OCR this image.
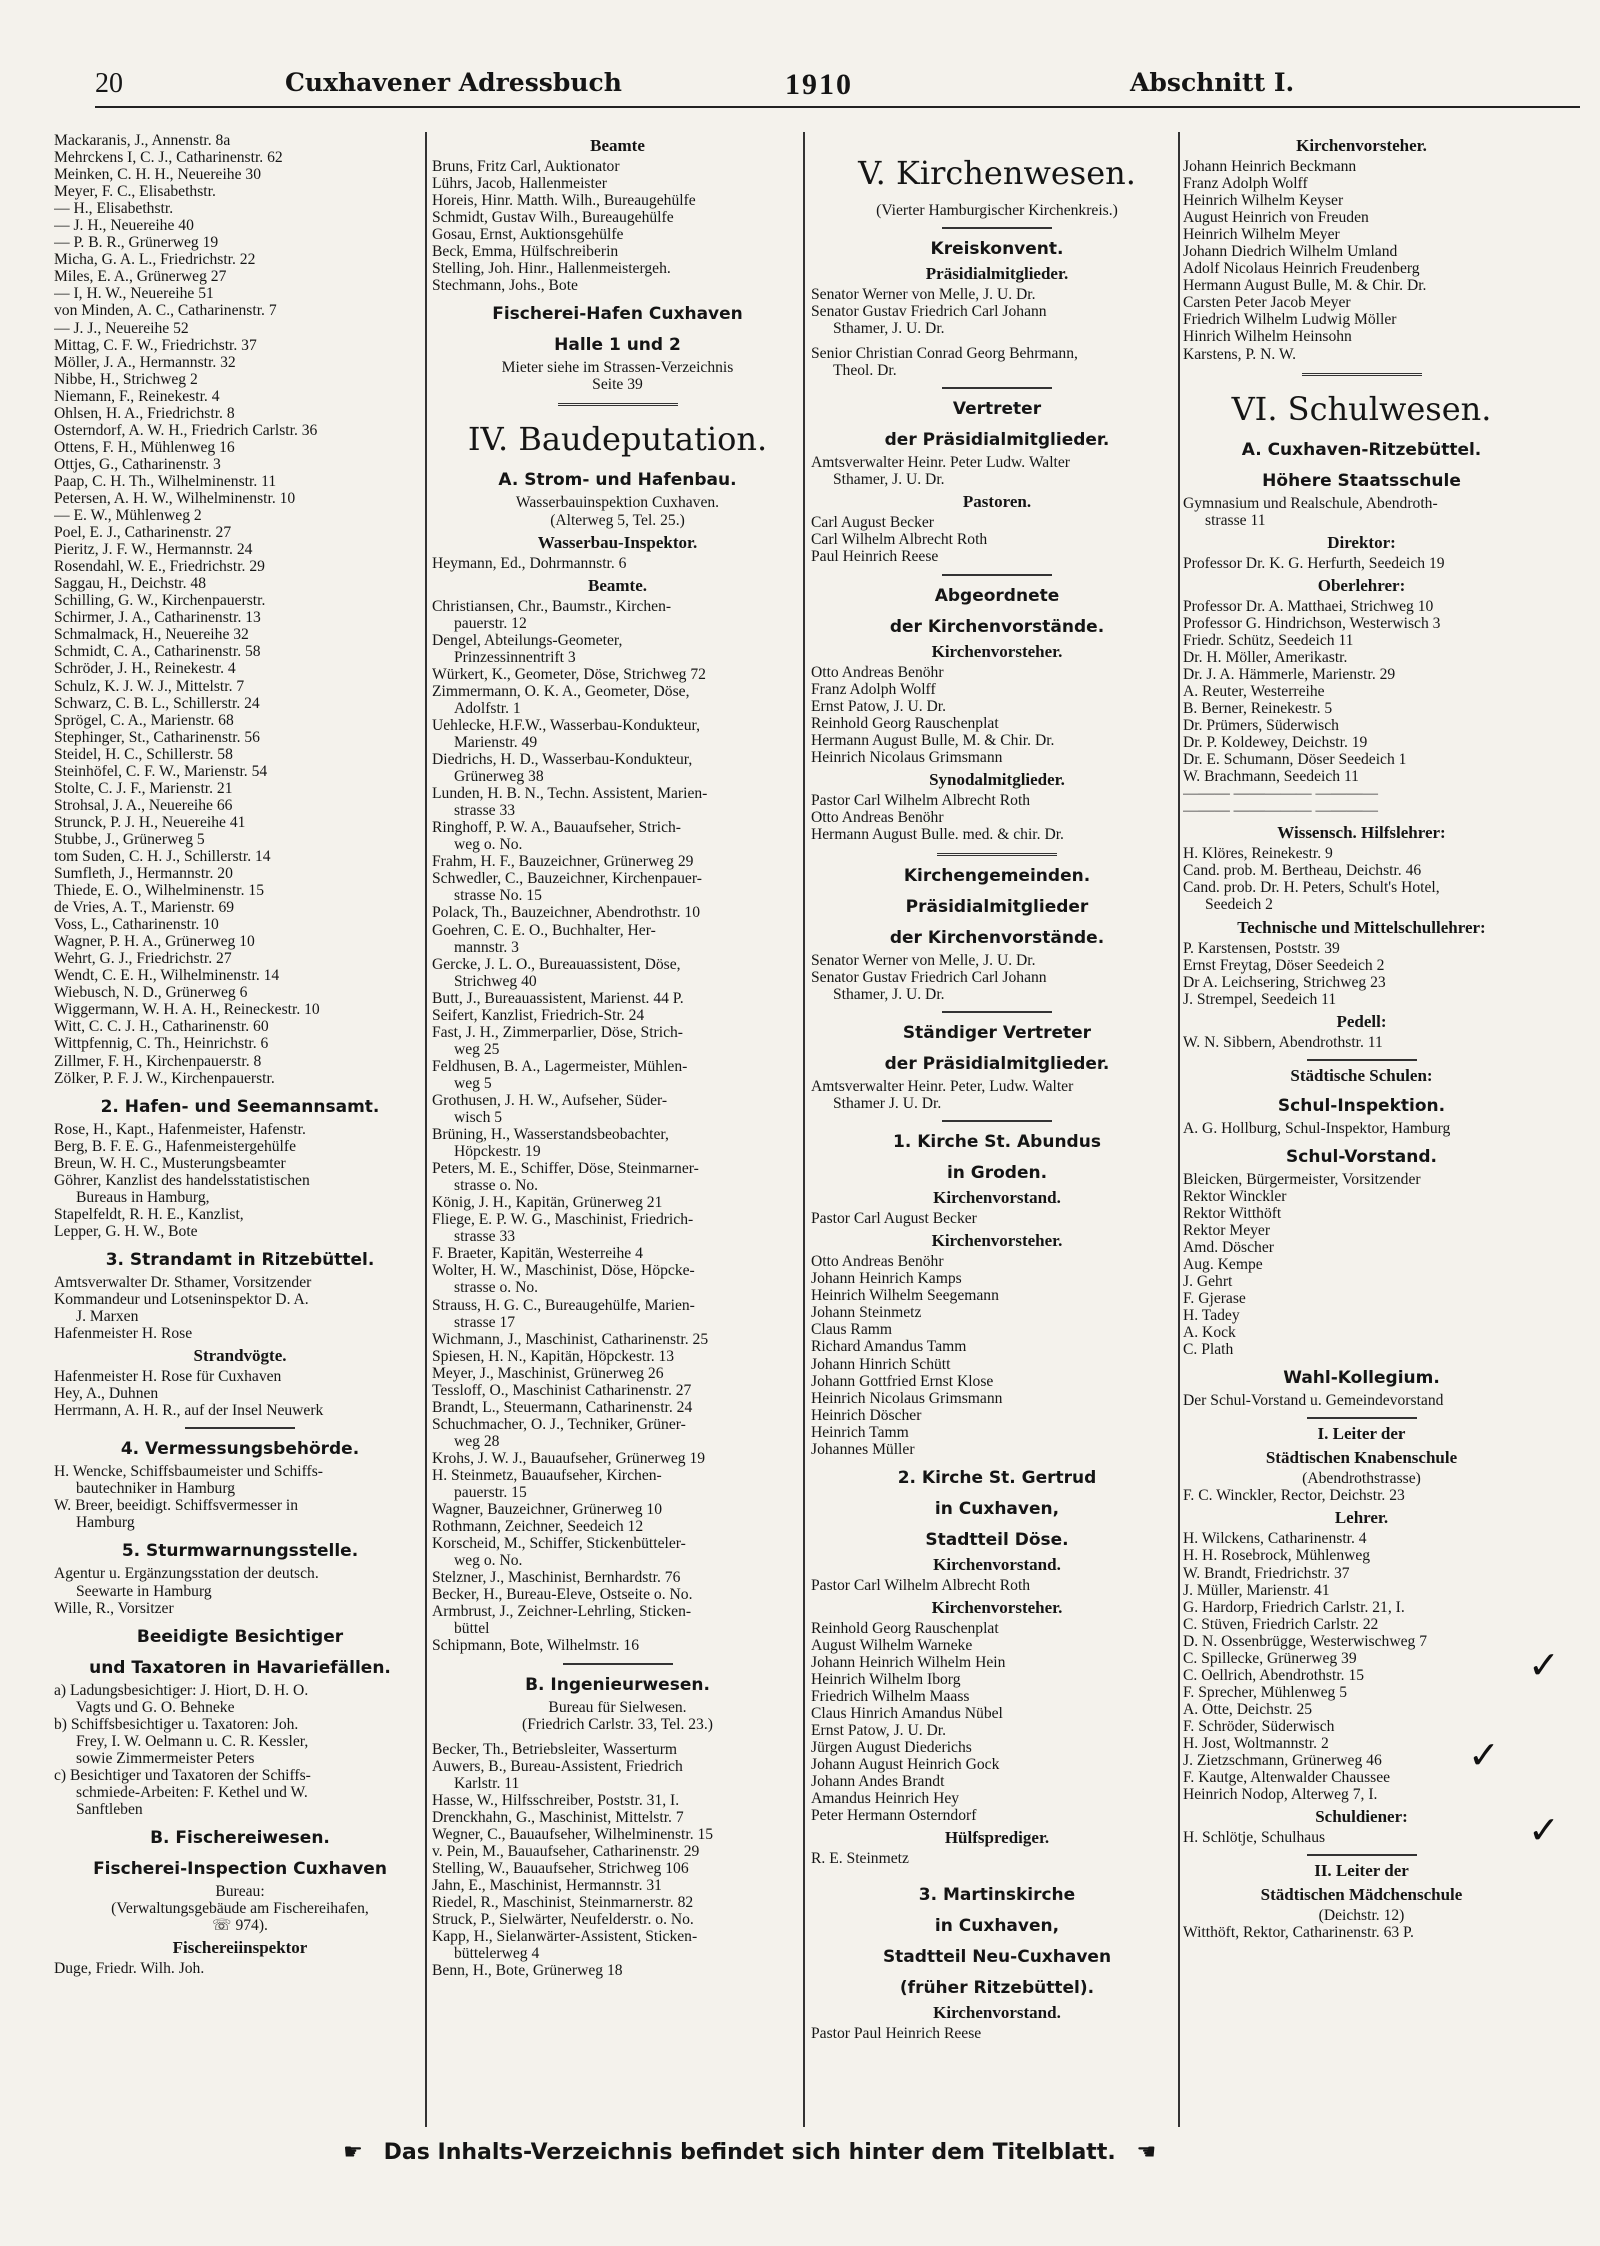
20	Cuxhavener Adressbuch	1910	Abschnitt I.
Mackaranis, J., Annenstr. 8a
Mehrckens I, C. J., Catharinenstr. 62
Meinken, C. H. H., Neuereihe 30
Meyer, F. C., Elisabethstr.
— H., Elisabethstr.
— J. H., Neuereihe 40
— P. B. R., Grünerweg 19
Micha, G. A. L., Friedrichstr. 22
Miles, E. A., Grünerweg 27
— I, H. W., Neuereihe 51
von Minden, A. C., Catharinenstr. 7
— J. J., Neuereihe 52
Mittag, C. F. W., Friedrichstr. 37
Möller, J. A., Hermannstr. 32
Nibbe, H., Strichweg 2
Niemann, F., Reinekestr. 4
Ohlsen, H. A., Friedrichstr. 8
Osterndorf, A. W. H., Friedrich Carlstr. 36
Ottens, F. H., Mühlenweg 16
Ottjes, G., Catharinenstr. 3
Paap, C. H. Th., Wilhelminenstr. 11
Petersen, A. H. W., Wilhelminenstr. 10
— E. W., Mühlenweg 2
Poel, E. J., Catharinenstr. 27
Pieritz, J. F. W., Hermannstr. 24
Rosendahl, W. E., Friedrichstr. 29
Saggau, H., Deichstr. 48
Schilling, G. W., Kirchenpauerstr.
Schirmer, J. A., Catharinenstr. 13
Schmalmack, H., Neuereihe 32
Schmidt, C. A., Catharinenstr. 58
Schröder, J. H., Reinekestr. 4
Schulz, K. J. W. J., Mittelstr. 7
Schwarz, C. B. L., Schillerstr. 24
Sprögel, C. A., Marienstr. 68
Stephinger, St., Catharinenstr. 56
Steidel, H. C., Schillerstr. 58
Steinhöfel, C. F. W., Marienstr. 54
Stolte, C. J. F., Marienstr. 21
Strohsal, J. A., Neuereihe 66
Strunck, P. J. H., Neuereihe 41
Stubbe, J., Grünerweg 5
tom Suden, C. H. J., Schillerstr. 14
Sumfleth, J., Hermannstr. 20
Thiede, E. O., Wilhelminenstr. 15
de Vries, A. T., Marienstr. 69
Voss, L., Catharinenstr. 10
Wagner, P. H. A., Grünerweg 10
Wehrt, G. J., Friedrichstr. 27
Wendt, C. E. H., Wilhelminenstr. 14
Wiebusch, N. D., Grünerweg 6
Wiggermann, W. H. A. H., Reineckestr. 10
Witt, C. C. J. H., Catharinenstr. 60
Wittpfennig, C. Th., Heinrichstr. 6
Zillmer, F. H., Kirchenpauerstr. 8
Zölker, P. F. J. W., Kirchenpauerstr.
2. Hafen- und Seemannsamt.
Rose, H., Kapt., Hafenmeister, Hafenstr.
Berg, B. F. E. G., Hafenmeistergehülfe
Breun, W. H. C., Musterungsbeamter
Göhrer, Kanzlist des handelsstatistischen
Bureaus in Hamburg,
Stapelfeldt, R. H. E., Kanzlist,
Lepper, G. H. W., Bote
3. Strandamt in Ritzebüttel.
Amtsverwalter Dr. Sthamer, Vorsitzender
Kommandeur und Lotseninspektor D. A.
J. Marxen
Hafenmeister H. Rose
Strandvögte.
Hafenmeister H. Rose für Cuxhaven
Hey, A., Duhnen
Herrmann, A. H. R., auf der Insel Neuwerk
4. Vermessungsbehörde.
H. Wencke, Schiffsbaumeister und Schiffs-
bautechniker in Hamburg
W. Breer, beeidigt. Schiffsvermesser in
Hamburg
5. Sturmwarnungsstelle.
Agentur u. Ergänzungsstation der deutsch.
Seewarte in Hamburg
Wille, R., Vorsitzer
Beeidigte Besichtiger
und Taxatoren in Havariefällen.
a) Ladungsbesichtiger: J. Hiort, D. H. O.
Vagts und G. O. Behneke
b) Schiffsbesichtiger u. Taxatoren: Joh.
Frey, I. W. Oelmann u. C. R. Kessler,
sowie Zimmermeister Peters
c) Besichtiger und Taxatoren der Schiffs-
schmiede-Arbeiten: F. Kethel und W.
Sanftleben
B. Fischereiwesen.
Fischerei-Inspection Cuxhaven
Bureau:
(Verwaltungsgebäude am Fischereihafen,
☏ 974).
Fischereiinspektor
Duge, Friedr. Wilh. Joh.
Beamte
Bruns, Fritz Carl, Auktionator
Lührs, Jacob, Hallenmeister
Horeis, Hinr. Matth. Wilh., Bureaugehülfe
Schmidt, Gustav Wilh., Bureaugehülfe
Gosau, Ernst, Auktionsgehülfe
Beck, Emma, Hülfschreiberin
Stelling, Joh. Hinr., Hallenmeistergeh.
Stechmann, Johs., Bote
Fischerei-Hafen Cuxhaven
Halle 1 und 2
Mieter siehe im Strassen-Verzeichnis
Seite 39
IV. Baudeputation.
A. Strom- und Hafenbau.
Wasserbauinspektion Cuxhaven.
(Alterweg 5, Tel. 25.)
Wasserbau-Inspektor.
Heymann, Ed., Dohrmannstr. 6
Beamte.
Christiansen, Chr., Baumstr., Kirchen-
pauerstr. 12
Dengel, Abteilungs-Geometer,
Prinzessinnentrift 3
Würkert, K., Geometer, Döse, Strichweg 72
Zimmermann, O. K. A., Geometer, Döse,
Adolfstr. 1
Uehlecke, H.F.W., Wasserbau-Kondukteur,
Marienstr. 49
Diedrichs, H. D., Wasserbau-Kondukteur,
Grünerweg 38
Lunden, H. B. N., Techn. Assistent, Marien-
strasse 33
Ringhoff, P. W. A., Bauaufseher, Strich-
weg o. No.
Frahm, H. F., Bauzeichner, Grünerweg 29
Schwedler, C., Bauzeichner, Kirchenpauer-
strasse No. 15
Polack, Th., Bauzeichner, Abendrothstr. 10
Goehren, C. E. O., Buchhalter, Her-
mannstr. 3
Gercke, J. L. O., Bureauassistent, Döse,
Strichweg 40
Butt, J., Bureauassistent, Marienst. 44 P.
Seifert, Kanzlist, Friedrich-Str. 24
Fast, J. H., Zimmerparlier, Döse, Strich-
weg 25
Feldhusen, B. A., Lagermeister, Mühlen-
weg 5
Grothusen, J. H. W., Aufseher, Süder-
wisch 5
Brüning, H., Wasserstandsbeobachter,
Höpckestr. 19
Peters, M. E., Schiffer, Döse, Steinmarner-
strasse o. No.
König, J. H., Kapitän, Grünerweg 21
Fliege, E. P. W. G., Maschinist, Friedrich-
strasse 33
F. Braeter, Kapitän, Westerreihe 4
Wolter, H. W., Maschinist, Döse, Höpcke-
strasse o. No.
Strauss, H. G. C., Bureaugehülfe, Marien-
strasse 17
Wichmann, J., Maschinist, Catharinenstr. 25
Spiesen, H. N., Kapitän, Höpckestr. 13
Meyer, J., Maschinist, Grünerweg 26
Tessloff, O., Maschinist Catharinenstr. 27
Brandt, L., Steuermann, Catharinenstr. 24
Schuchmacher, O. J., Techniker, Grüner-
weg 28
Krohs, J. W. J., Bauaufseher, Grünerweg 19
H. Steinmetz, Bauaufseher, Kirchen-
pauerstr. 15
Wagner, Bauzeichner, Grünerweg 10
Rothmann, Zeichner, Seedeich 12
Korscheid, M., Schiffer, Stickenbütteler-
weg o. No.
Stelzner, J., Maschinist, Bernhardstr. 76
Becker, H., Bureau-Eleve, Ostseite o. No.
Armbrust, J., Zeichner-Lehrling, Sticken-
büttel
Schipmann, Bote, Wilhelmstr. 16
B. Ingenieurwesen.
Bureau für Sielwesen.
(Friedrich Carlstr. 33, Tel. 23.)
Becker, Th., Betriebsleiter, Wasserturm
Auwers, B., Bureau-Assistent, Friedrich
Karlstr. 11
Hasse, W., Hilfsschreiber, Poststr. 31, I.
Drenckhahn, G., Maschinist, Mittelstr. 7
Wegner, C., Bauaufseher, Wilhelminenstr. 15
v. Pein, M., Bauaufseher, Catharinenstr. 29
Stelling, W., Bauaufseher, Strichweg 106
Jahn, E., Maschinist, Hermannstr. 31
Riedel, R., Maschinist, Steinmarnerstr. 82
Struck, P., Sielwärter, Neufelderstr. o. No.
Kapp, H., Sielanwärter-Assistent, Sticken-
büttelerweg 4
Benn, H., Bote, Grünerweg 18
V. Kirchenwesen.
(Vierter Hamburgischer Kirchenkreis.)
Kreiskonvent.
Präsidialmitglieder.
Senator Werner von Melle, J. U. Dr.
Senator Gustav Friedrich Carl Johann
Sthamer, J. U. Dr.
Senior Christian Conrad Georg Behrmann,
Theol. Dr.
Vertreter
der Präsidialmitglieder.
Amtsverwalter Heinr. Peter Ludw. Walter
Sthamer, J. U. Dr.
Pastoren.
Carl August Becker
Carl Wilhelm Albrecht Roth
Paul Heinrich Reese
Abgeordnete
der Kirchenvorstände.
Kirchenvorsteher.
Otto Andreas Benöhr
Franz Adolph Wolff
Ernst Patow, J. U. Dr.
Reinhold Georg Rauschenplat
Hermann August Bulle, M. & Chir. Dr.
Heinrich Nicolaus Grimsmann
Synodalmitglieder.
Pastor Carl Wilhelm Albrecht Roth
Otto Andreas Benöhr
Hermann August Bulle. med. & chir. Dr.
Kirchengemeinden.
Präsidialmitglieder
der Kirchenvorstände.
Senator Werner von Melle, J. U. Dr.
Senator Gustav Friedrich Carl Johann
Sthamer, J. U. Dr.
Ständiger Vertreter
der Präsidialmitglieder.
Amtsverwalter Heinr. Peter, Ludw. Walter
Sthamer J. U. Dr.
1. Kirche St. Abundus
in Groden.
Kirchenvorstand.
Pastor Carl August Becker
Kirchenvorsteher.
Otto Andreas Benöhr
Johann Heinrich Kamps
Heinrich Wilhelm Seegemann
Johann Steinmetz
Claus Ramm
Richard Amandus Tamm
Johann Hinrich Schütt
Johann Gottfried Ernst Klose
Heinrich Nicolaus Grimsmann
Heinrich Döscher
Heinrich Tamm
Johannes Müller
2. Kirche St. Gertrud
in Cuxhaven,
Stadtteil Döse.
Kirchenvorstand.
Pastor Carl Wilhelm Albrecht Roth
Kirchenvorsteher.
Reinhold Georg Rauschenplat
August Wilhelm Warneke
Johann Heinrich Wilhelm Hein
Heinrich Wilhelm Iborg
Friedrich Wilhelm Maass
Claus Hinrich Amandus Nübel
Ernst Patow, J. U. Dr.
Jürgen August Diederichs
Johann August Heinrich Gock
Johann Andes Brandt
Amandus Heinrich Hey
Peter Hermann Osterndorf
Hülfsprediger.
R. E. Steinmetz
3. Martinskirche
in Cuxhaven,
Stadtteil Neu-Cuxhaven
(früher Ritzebüttel).
Kirchenvorstand.
Pastor Paul Heinrich Reese
Kirchenvorsteher.
Johann Heinrich Beckmann
Franz Adolph Wolff
Heinrich Wilhelm Keyser
August Heinrich von Freuden
Heinrich Wilhelm Meyer
Johann Diedrich Wilhelm Umland
Adolf Nicolaus Heinrich Freudenberg
Hermann August Bulle, M. & Chir. Dr.
Carsten Peter Jacob Meyer
Friedrich Wilhelm Ludwig Möller
Hinrich Wilhelm Heinsohn
Karstens, P. N. W.
VI. Schulwesen.
A. Cuxhaven-Ritzebüttel.
Höhere Staatsschule
Gymnasium und Realschule, Abendroth-
strasse 11
Direktor:
Professor Dr. K. G. Herfurth, Seedeich 19
Oberlehrer:
Professor Dr. A. Matthaei, Strichweg 10
Professor G. Hindrichson, Westerwisch 3
Friedr. Schütz, Seedeich 11
Dr. H. Möller, Amerikastr.
Dr. J. A. Hämmerle, Marienstr. 29
A. Reuter, Westerreihe
B. Berner, Reinekestr. 5
Dr. Prümers, Süderwisch
Dr. P. Koldewey, Deichstr. 19
Dr. E. Schumann, Döser Seedeich 1
W. Brachmann, Seedeich 11
——— ————— ————
——— ————— ————
Wissensch. Hilfslehrer:
H. Klöres, Reinekestr. 9
Cand. prob. M. Bertheau, Deichstr. 46
Cand. prob. Dr. H. Peters, Schult's Hotel,
Seedeich 2
Technische und Mittelschullehrer:
P. Karstensen, Poststr. 39
Ernst Freytag, Döser Seedeich 2
Dr A. Leichsering, Strichweg 23
J. Strempel, Seedeich 11
Pedell:
W. N. Sibbern, Abendrothstr. 11
Städtische Schulen:
Schul-Inspektion.
A. G. Hollburg, Schul-Inspektor, Hamburg
Schul-Vorstand.
Bleicken, Bürgermeister, Vorsitzender
Rektor Winckler
Rektor Witthöft
Rektor Meyer
Amd. Döscher
Aug. Kempe
J. Gehrt
F. Gjerase
H. Tadey
A. Kock
C. Plath
Wahl-Kollegium.
Der Schul-Vorstand u. Gemeindevorstand
I. Leiter der
Städtischen Knabenschule
(Abendrothstrasse)
F. C. Winckler, Rector, Deichstr. 23
Lehrer.
H. Wilckens, Catharinenstr. 4
H. H. Rosebrock, Mühlenweg
W. Brandt, Friedrichstr. 37
J. Müller, Marienstr. 41
G. Hardorp, Friedrich Carlstr. 21, I.
C. Stüven, Friedrich Carlstr. 22
D. N. Ossenbrügge, Westerwischweg 7
C. Spillecke, Grünerweg 39
C. Oellrich, Abendrothstr. 15
F. Sprecher, Mühlenweg 5
A. Otte, Deichstr. 25
F. Schröder, Süderwisch
H. Jost, Woltmannstr. 2
J. Zietzschmann, Grünerweg 46
F. Kautge, Altenwalder Chaussee
Heinrich Nodop, Alterweg 7, I.
Schuldiener:
H. Schlötje, Schulhaus
II. Leiter der
Städtischen Mädchenschule
(Deichstr. 12)
Witthöft, Rektor, Catharinenstr. 63 P.
✓
✓
✓
☛ Das Inhalts-Verzeichnis befindet sich hinter dem Titelblatt. ☚
